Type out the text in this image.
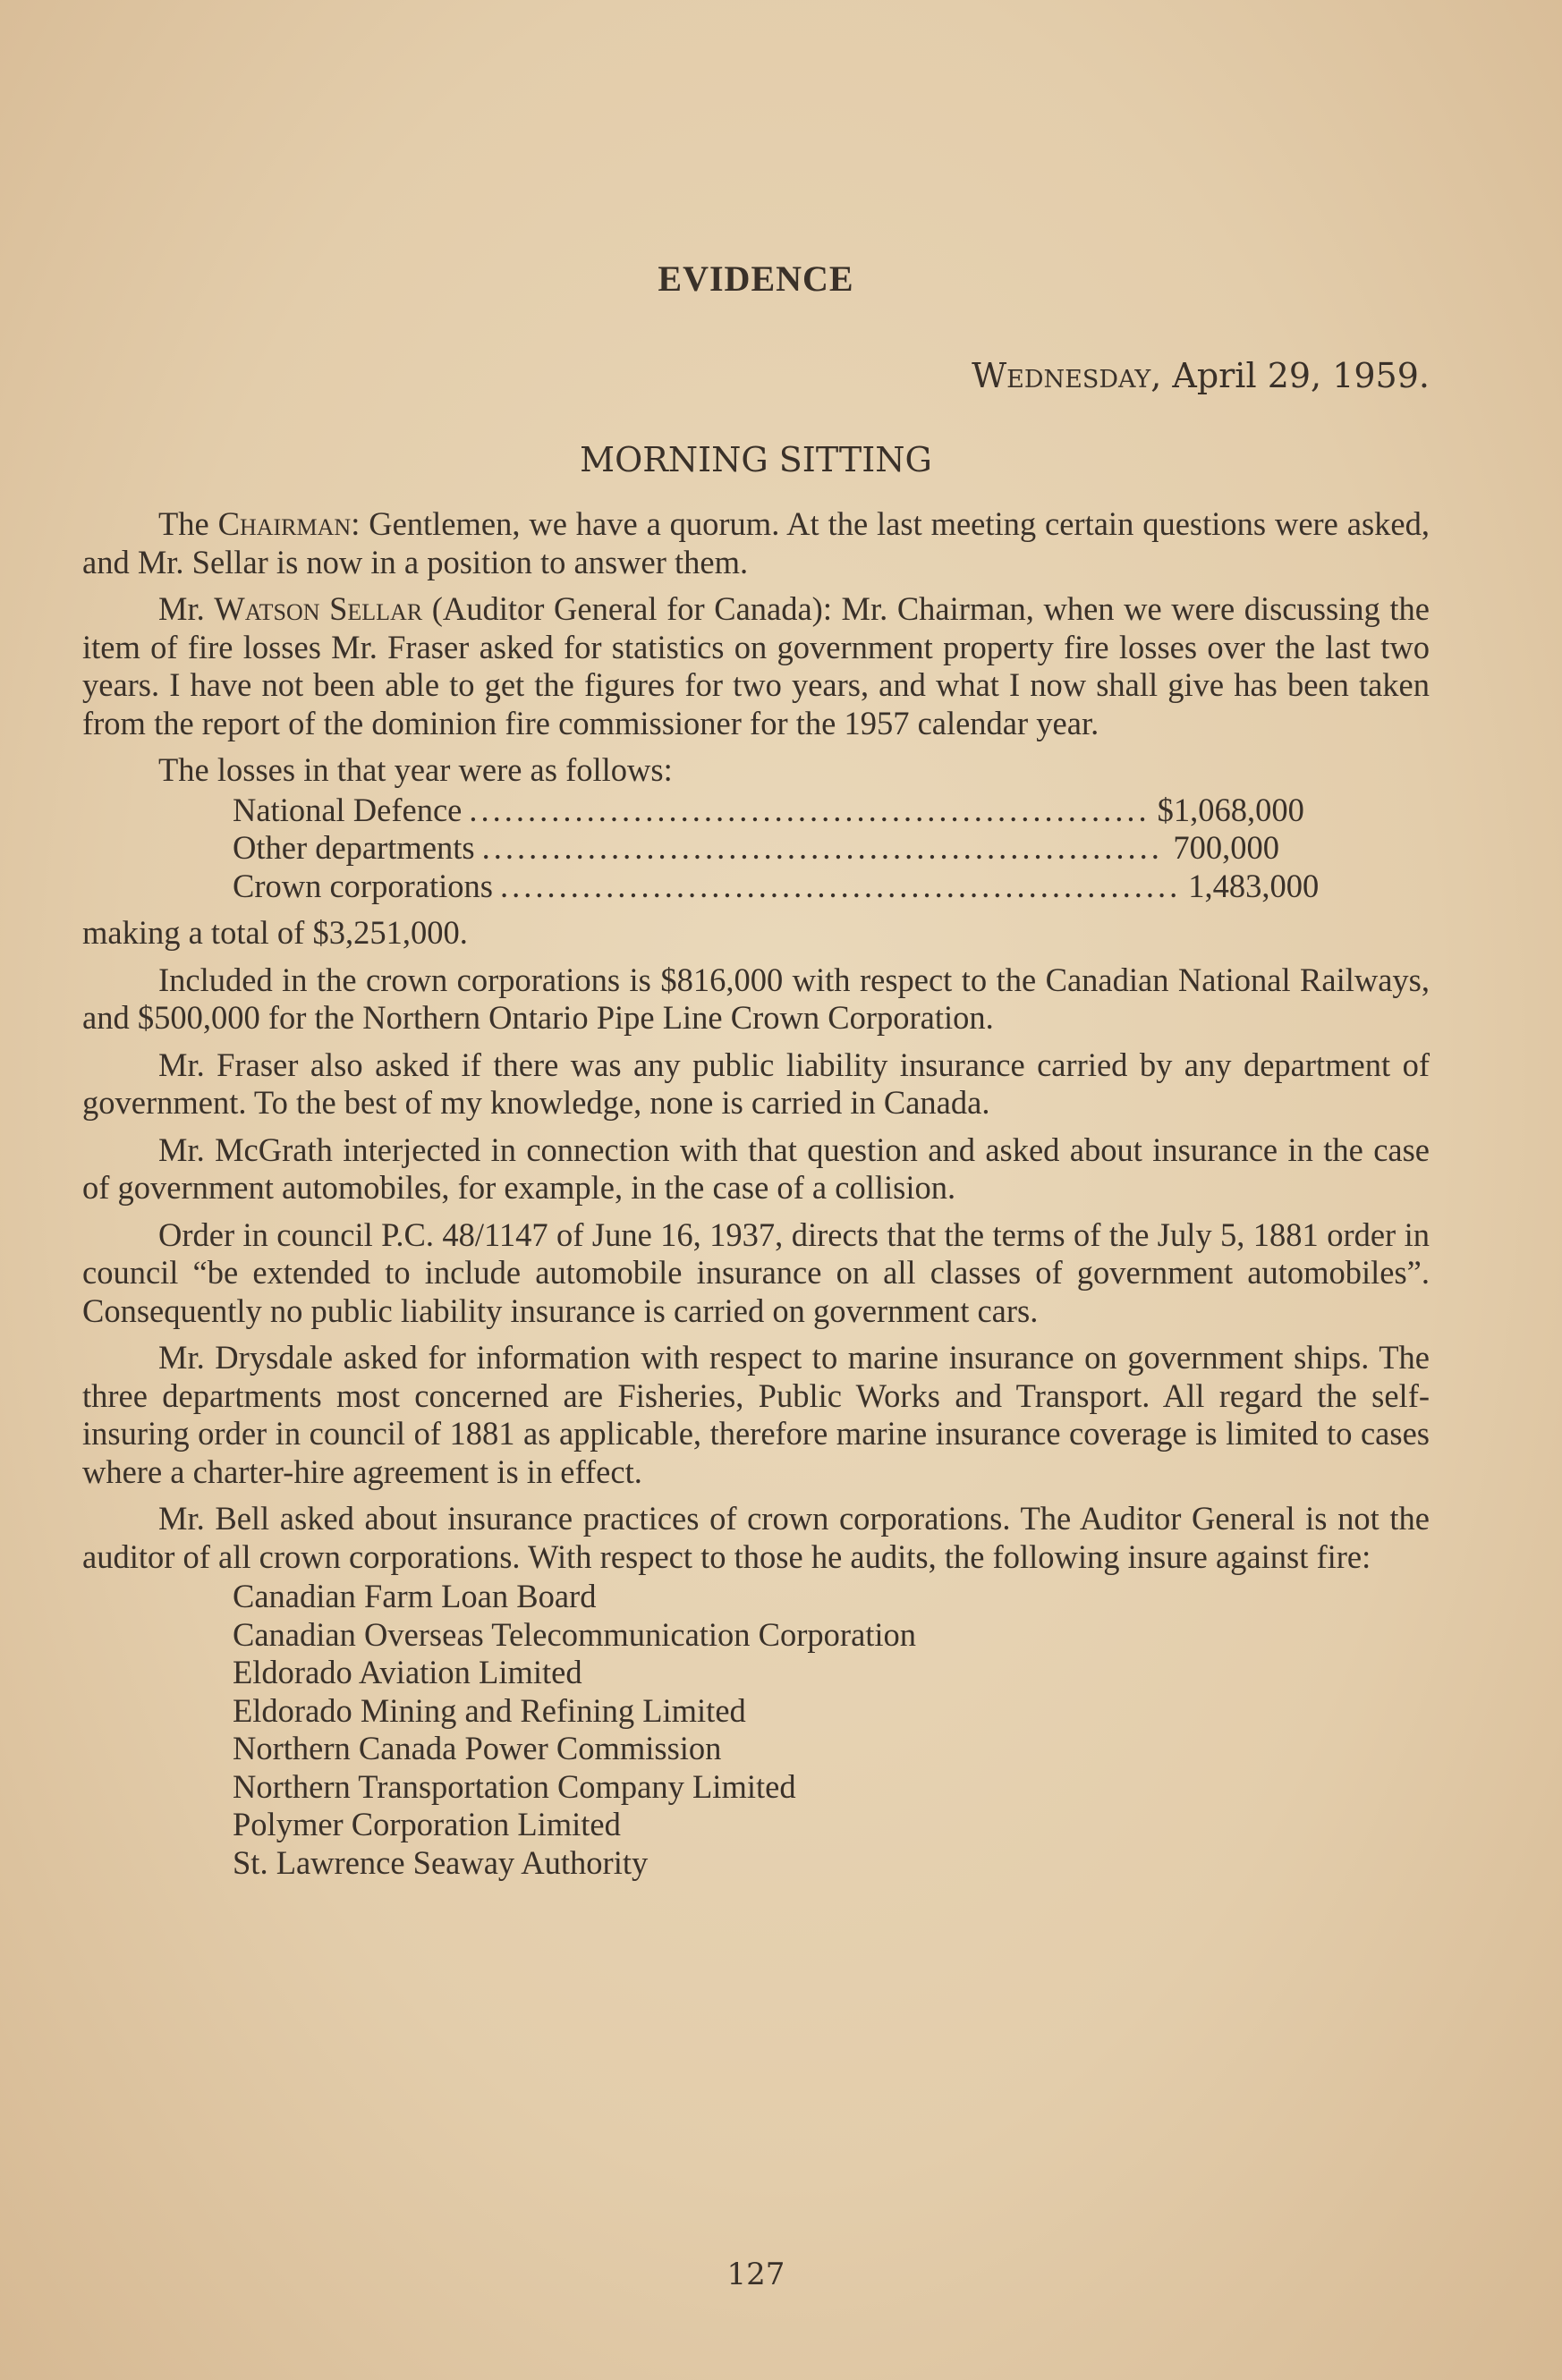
EVIDENCE
Wednesday, April 29, 1959.
MORNING SITTING

The Chairman: Gentlemen, we have a quorum. At the last meeting certain questions were asked, and Mr. Sellar is now in a position to answer them.

Mr. Watson Sellar (Auditor General for Canada): Mr. Chairman, when we were discussing the item of fire losses Mr. Fraser asked for statistics on government property fire losses over the last two years. I have not been able to get the figures for two years, and what I now shall give has been taken from the report of the dominion fire commissioner for the 1957 calendar year.

The losses in that year were as follows:

National Defence .......................................................... $1,068,000
Other departments .......................................................... 700,000
Crown corporations .......................................................... 1,483,000

making a total of $3,251,000.

Included in the crown corporations is $816,000 with respect to the Canadian National Railways, and $500,000 for the Northern Ontario Pipe Line Crown Corporation.

Mr. Fraser also asked if there was any public liability insurance carried by any department of government. To the best of my knowledge, none is carried in Canada.

Mr. McGrath interjected in connection with that question and asked about insurance in the case of government automobiles, for example, in the case of a collision.

Order in council P.C. 48/1147 of June 16, 1937, directs that the terms of the July 5, 1881 order in council “be extended to include automobile insurance on all classes of government automobiles”. Consequently no public liability insurance is carried on government cars.

Mr. Drysdale asked for information with respect to marine insurance on government ships. The three departments most concerned are Fisheries, Public Works and Transport. All regard the self-insuring order in council of 1881 as applicable, therefore marine insurance coverage is limited to cases where a charter-hire agreement is in effect.

Mr. Bell asked about insurance practices of crown corporations. The Auditor General is not the auditor of all crown corporations. With respect to those he audits, the following insure against fire:

Canadian Farm Loan Board
Canadian Overseas Telecommunication Corporation
Eldorado Aviation Limited
Eldorado Mining and Refining Limited
Northern Canada Power Commission
Northern Transportation Company Limited
Polymer Corporation Limited
St. Lawrence Seaway Authority
127
